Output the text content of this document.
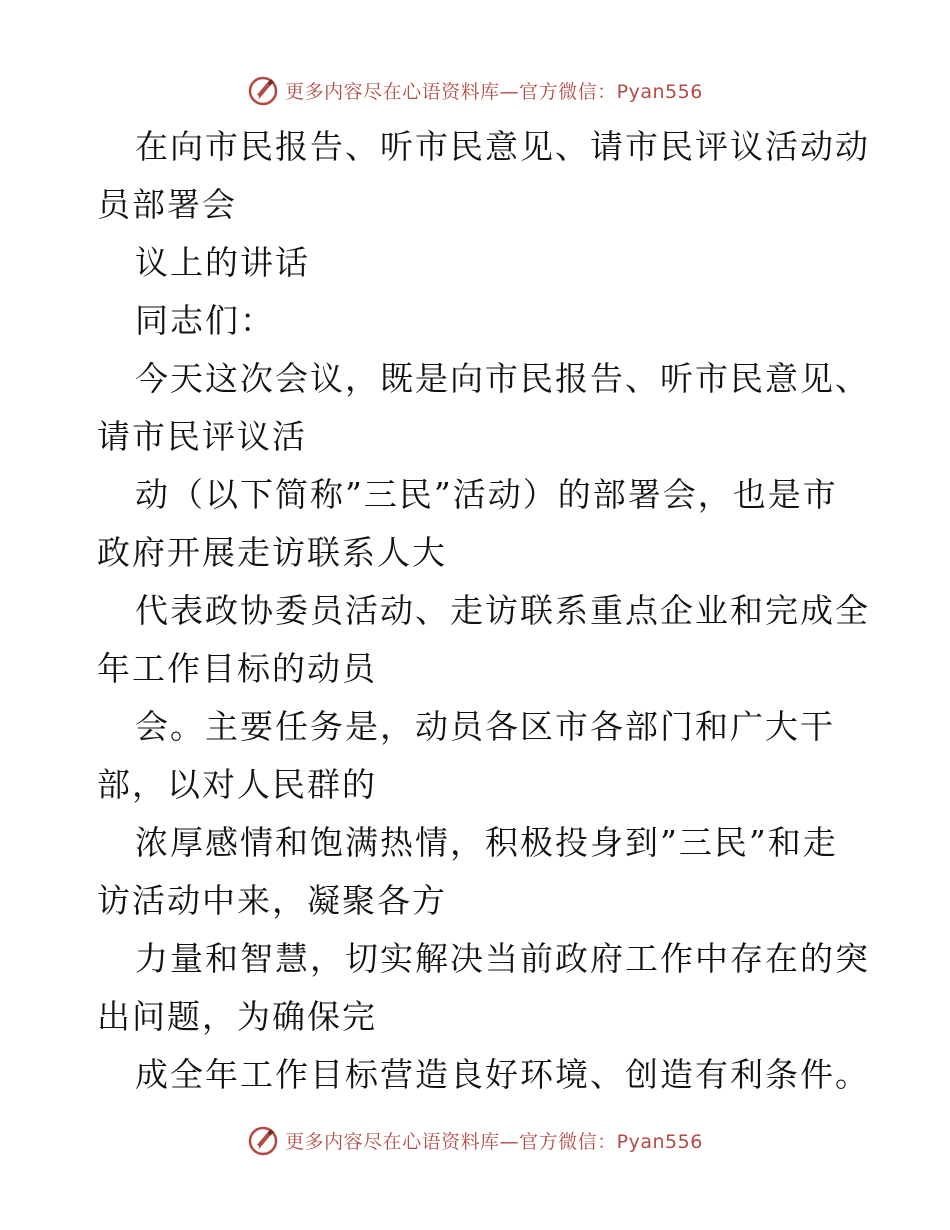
更多内容尽在心语资料库—官方微信：Pyan556
在向市民报告、听市民意见、请市民评议活动动
员部署会
议上的讲话
同志们：
今天这次会议，既是向市民报告、听市民意见、
请市民评议活
动（以下简称”三民”活动）的部署会，也是市
政府开展走访联系人大
代表政协委员活动、走访联系重点企业和完成全
年工作目标的动员
会。主要任务是，动员各区市各部门和广大干
部，以对人民群的
浓厚感情和饱满热情，积极投身到”三民”和走
访活动中来，凝聚各方
力量和智慧，切实解决当前政府工作中存在的突
出问题，为确保完
成全年工作目标营造良好环境、创造有利条件。
更多内容尽在心语资料库—官方微信：Pyan556
